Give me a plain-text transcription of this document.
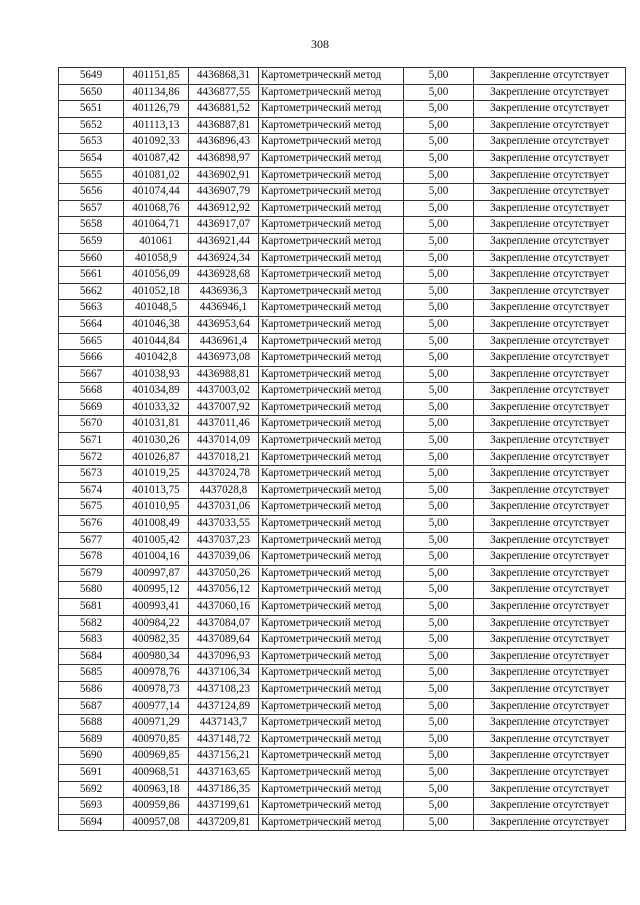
308
5649	401151,85	4436868,31	Картометрический метод	5,00	Закрепление отсутствует
5650	401134,86	4436877,55	Картометрический метод	5,00	Закрепление отсутствует
5651	401126,79	4436881,52	Картометрический метод	5,00	Закрепление отсутствует
5652	401113,13	4436887,81	Картометрический метод	5,00	Закрепление отсутствует
5653	401092,33	4436896,43	Картометрический метод	5,00	Закрепление отсутствует
5654	401087,42	4436898,97	Картометрический метод	5,00	Закрепление отсутствует
5655	401081,02	4436902,91	Картометрический метод	5,00	Закрепление отсутствует
5656	401074,44	4436907,79	Картометрический метод	5,00	Закрепление отсутствует
5657	401068,76	4436912,92	Картометрический метод	5,00	Закрепление отсутствует
5658	401064,71	4436917,07	Картометрический метод	5,00	Закрепление отсутствует
5659	401061	4436921,44	Картометрический метод	5,00	Закрепление отсутствует
5660	401058,9	4436924,34	Картометрический метод	5,00	Закрепление отсутствует
5661	401056,09	4436928,68	Картометрический метод	5,00	Закрепление отсутствует
5662	401052,18	4436936,3	Картометрический метод	5,00	Закрепление отсутствует
5663	401048,5	4436946,1	Картометрический метод	5,00	Закрепление отсутствует
5664	401046,38	4436953,64	Картометрический метод	5,00	Закрепление отсутствует
5665	401044,84	4436961,4	Картометрический метод	5,00	Закрепление отсутствует
5666	401042,8	4436973,08	Картометрический метод	5,00	Закрепление отсутствует
5667	401038,93	4436988,81	Картометрический метод	5,00	Закрепление отсутствует
5668	401034,89	4437003,02	Картометрический метод	5,00	Закрепление отсутствует
5669	401033,32	4437007,92	Картометрический метод	5,00	Закрепление отсутствует
5670	401031,81	4437011,46	Картометрический метод	5,00	Закрепление отсутствует
5671	401030,26	4437014,09	Картометрический метод	5,00	Закрепление отсутствует
5672	401026,87	4437018,21	Картометрический метод	5,00	Закрепление отсутствует
5673	401019,25	4437024,78	Картометрический метод	5,00	Закрепление отсутствует
5674	401013,75	4437028,8	Картометрический метод	5,00	Закрепление отсутствует
5675	401010,95	4437031,06	Картометрический метод	5,00	Закрепление отсутствует
5676	401008,49	4437033,55	Картометрический метод	5,00	Закрепление отсутствует
5677	401005,42	4437037,23	Картометрический метод	5,00	Закрепление отсутствует
5678	401004,16	4437039,06	Картометрический метод	5,00	Закрепление отсутствует
5679	400997,87	4437050,26	Картометрический метод	5,00	Закрепление отсутствует
5680	400995,12	4437056,12	Картометрический метод	5,00	Закрепление отсутствует
5681	400993,41	4437060,16	Картометрический метод	5,00	Закрепление отсутствует
5682	400984,22	4437084,07	Картометрический метод	5,00	Закрепление отсутствует
5683	400982,35	4437089,64	Картометрический метод	5,00	Закрепление отсутствует
5684	400980,34	4437096,93	Картометрический метод	5,00	Закрепление отсутствует
5685	400978,76	4437106,34	Картометрический метод	5,00	Закрепление отсутствует
5686	400978,73	4437108,23	Картометрический метод	5,00	Закрепление отсутствует
5687	400977,14	4437124,89	Картометрический метод	5,00	Закрепление отсутствует
5688	400971,29	4437143,7	Картометрический метод	5,00	Закрепление отсутствует
5689	400970,85	4437148,72	Картометрический метод	5,00	Закрепление отсутствует
5690	400969,85	4437156,21	Картометрический метод	5,00	Закрепление отсутствует
5691	400968,51	4437163,65	Картометрический метод	5,00	Закрепление отсутствует
5692	400963,18	4437186,35	Картометрический метод	5,00	Закрепление отсутствует
5693	400959,86	4437199,61	Картометрический метод	5,00	Закрепление отсутствует
5694	400957,08	4437209,81	Картометрический метод	5,00	Закрепление отсутствует
